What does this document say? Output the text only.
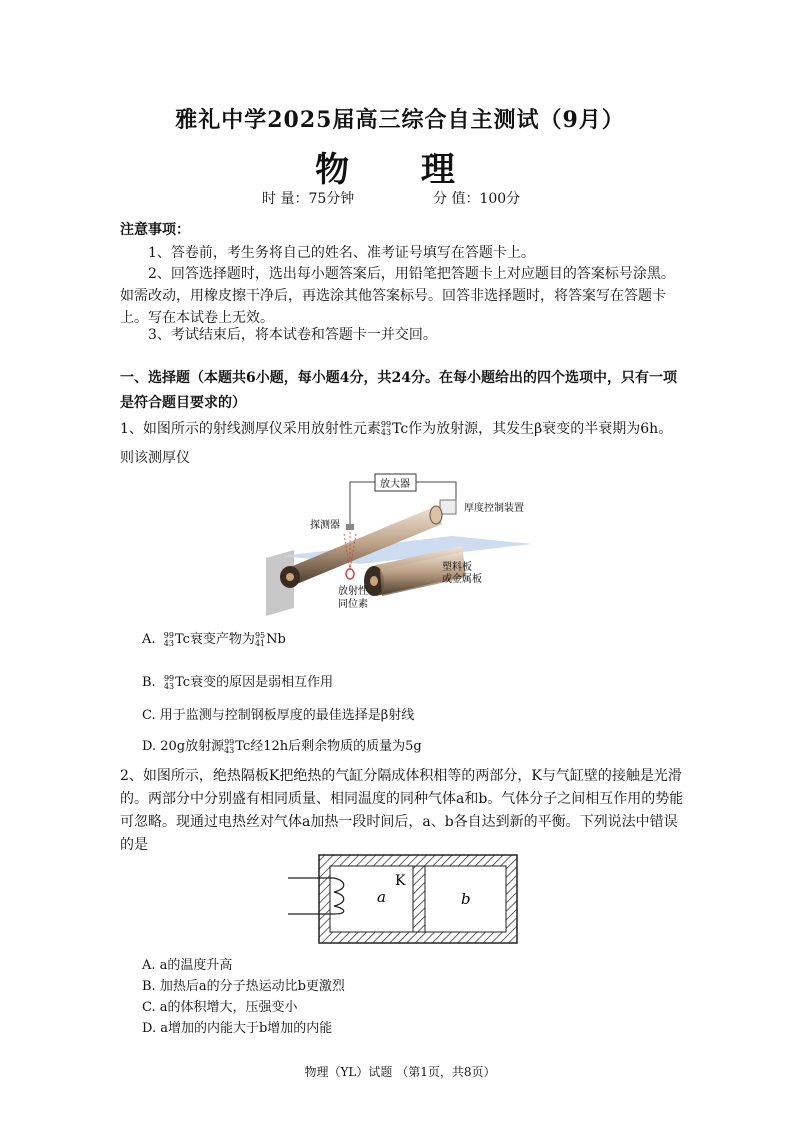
雅礼中学2025届高三综合自主测试（9月）
物 理
时 量：75分钟	分 值：100分
注意事项：
1、答卷前，考生务将自己的姓名、准考证号填写在答题卡上。
2、回答选择题时，选出每小题答案后，用铅笔把答题卡上对应题目的答案标号涂黑。如需改动，用橡皮擦干净后，再选涂其他答案标号。回答非选择题时，将答案写在答题卡上。写在本试卷上无效。
3、考试结束后，将本试卷和答题卡一并交回。
一、选择题（本题共6小题，每小题4分，共24分。在每小题给出的四个选项中，只有一项是符合题目要求的）
1、如图所示的射线测厚仪采用放射性元素99
43Tc作为放射源，其发生β衰变的半衰期为6h。
则该测厚仪
放大器
厚度控制装置
探测器
放射性
同位素
塑料板
或金属板
A. 99
43Tc衰变产物为95
41Nb
B. 99
43Tc衰变的原因是弱相互作用
C. 用于监测与控制钢板厚度的最佳选择是β射线
D. 20g放射源99
43Tc经12h后剩余物质的质量为5g
2、如图所示，绝热隔板K把绝热的气缸分隔成体积相等的两部分，K与气缸壁的接触是光滑的。两部分中分别盛有相同质量、相同温度的同种气体a和b。气体分子之间相互作用的势能可忽略。现通过电热丝对气体a加热一段时间后，a、b各自达到新的平衡。下列说法中错误的是
K
a	b
A. a的温度升高
B. 加热后a的分子热运动比b更激烈
C. a的体积增大，压强变小
D. a增加的内能大于b增加的内能
物理（YL）试题 （第1页，共8页）
